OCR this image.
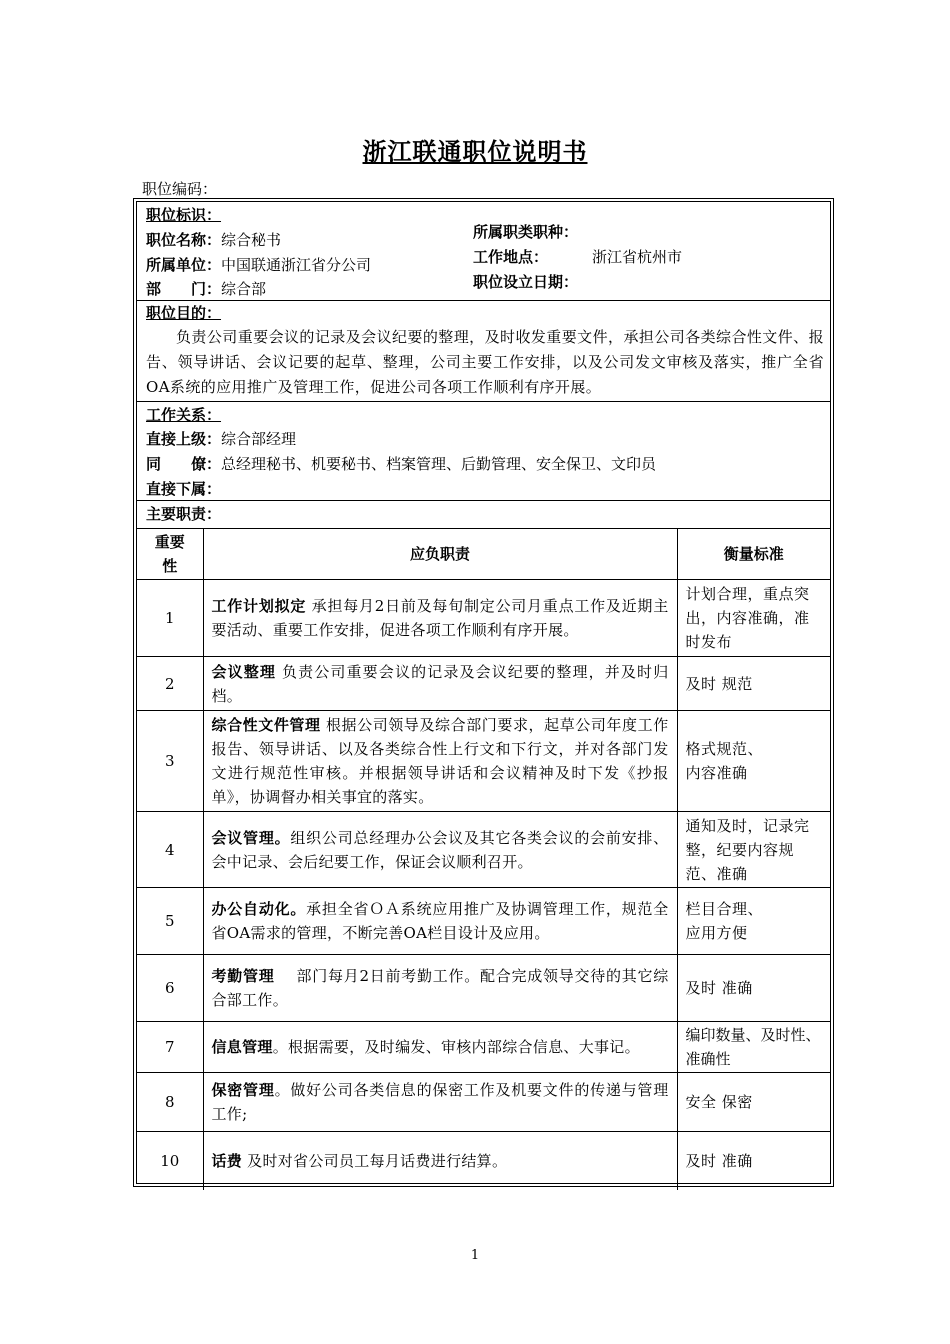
浙江联通职位说明书
职位编码：
职位标识：
职位名称：综合秘书
所属单位：中国联通浙江省分公司
部　　门：综合部
所属职类职种：
工作地点：	浙江省杭州市
职位设立日期：
职位目的：
负责公司重要会议的记录及会议纪要的整理，及时收发重要文件，承担公司各类综合性文件、报告、领导讲话、会议记要的起草、整理，公司主要工作安排，以及公司发文审核及落实，推广全省OA系统的应用推广及管理工作，促进公司各项工作顺利有序开展。
工作关系：
直接上级：综合部经理
同　　僚：总经理秘书、机要秘书、档案管理、后勤管理、安全保卫、文印员
直接下属：
主要职责：
重要性	应负职责	衡量标准
1	工作计划拟定 承担每月2日前及每旬制定公司月重点工作及近期主要活动、重要工作安排，促进各项工作顺利有序开展。	计划合理，重点突出，内容准确，准时发布
2	会议整理 负责公司重要会议的记录及会议纪要的整理，并及时归档。	及时 规范
3	综合性文件管理 根据公司领导及综合部门要求，起草公司年度工作报告、领导讲话、以及各类综合性上行文和下行文，并对各部门发文进行规范性审核。并根据领导讲话和会议精神及时下发《抄报单》，协调督办相关事宜的落实。	格式规范、
内容准确
4	会议管理。组织公司总经理办公会议及其它各类会议的会前安排、会中记录、会后纪要工作，保证会议顺利召开。	通知及时，记录完整，纪要内容规范、准确
5	办公自动化。承担全省ＯＡ系统应用推广及协调管理工作，规范全省OA需求的管理，不断完善OA栏目设计及应用。	栏目合理、
应用方便
6	考勤管理    部门每月2日前考勤工作。配合完成领导交待的其它综合部工作。	及时 准确
7	信息管理。根据需要，及时编发、审核内部综合信息、大事记。	编印数量、及时性、准确性
8	保密管理。做好公司各类信息的保密工作及机要文件的传递与管理工作;	安全 保密
10	话费 及时对省公司员工每月话费进行结算。	及时 准确
1
